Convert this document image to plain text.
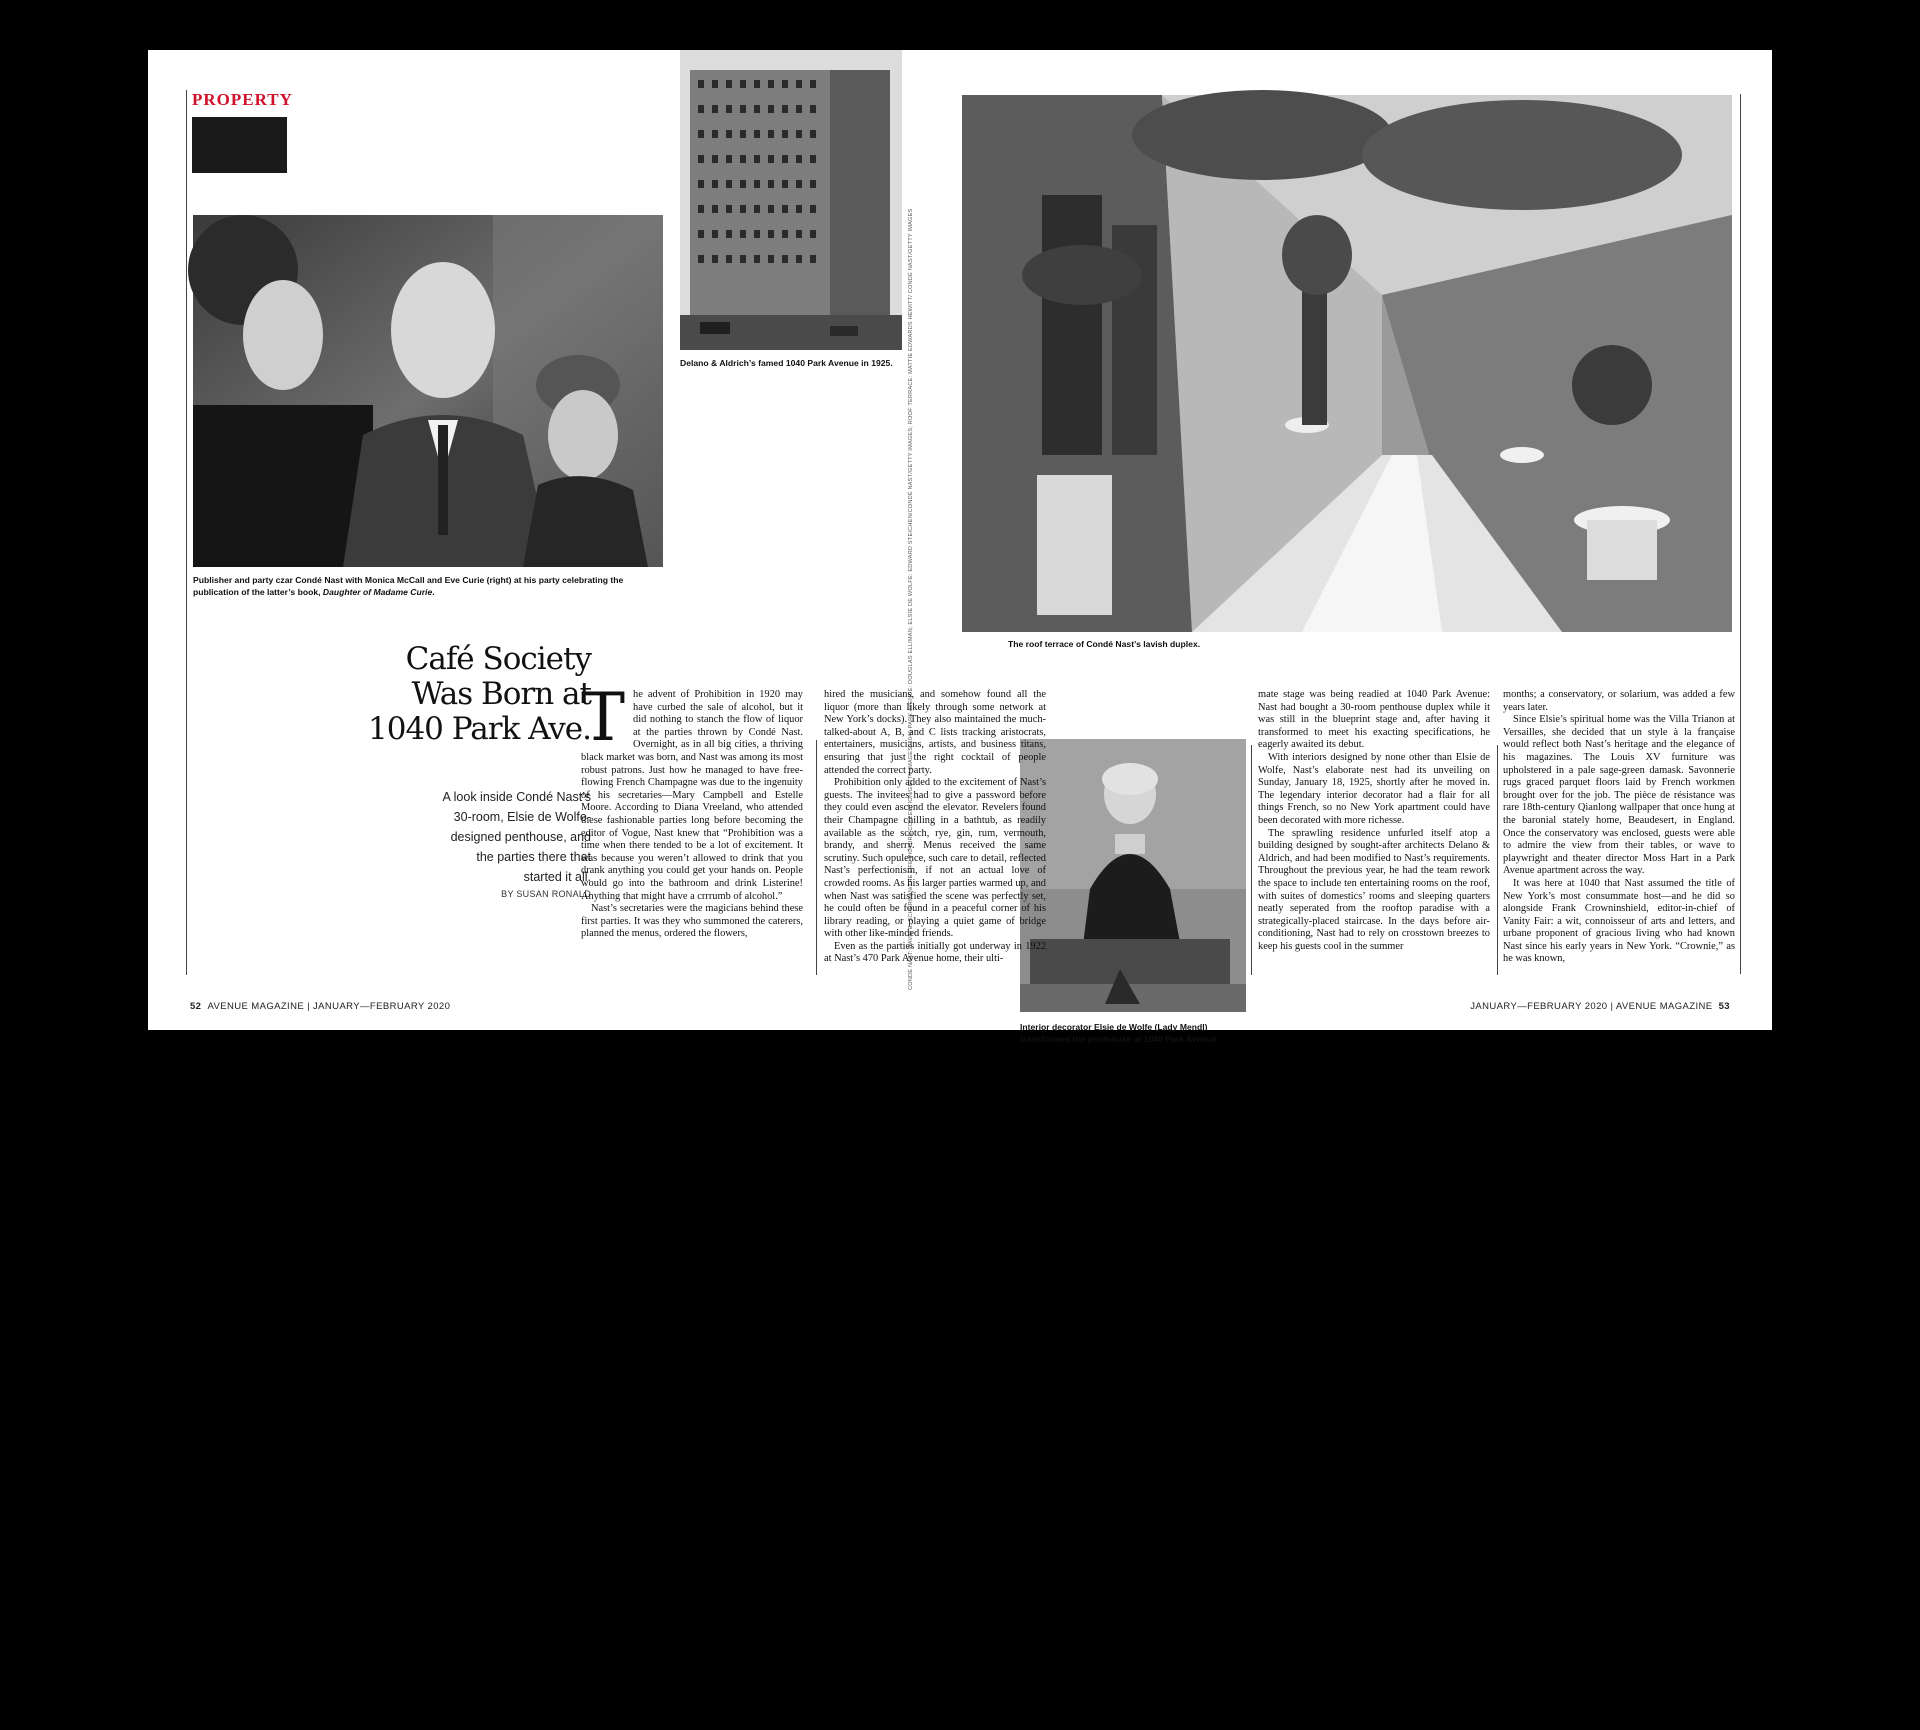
PROPERTY
Publisher and party czar Condé Nast with Monica McCall and Eve Curie (right) at his party celebrating the publication of the latter’s book, Daughter of Madame Curie.
Delano & Aldrich’s famed 1040 Park Avenue in 1925.	CONDÉ NAST: DAVID E. SCHERMAN/THE LIFE PICTURE COLLECTION/GETTY IMAGES; 1040 PARK AVENUE: DOUGLAS ELLIMAN; ELSIE DE WOLFE: EDWARD STEICHEN/CONDÉ NAST/GETTY IMAGES; ROOF TERRACE: MATTIE EDWARDS HEWITT/ CONDÉ NAST/GETTY IMAGES	The roof terrace of Condé Nast’s lavish duplex.
Interior decorator Elsie de Wolfe (Lady Mendl) transformed the penthouse at 1040 Park Avenue.
Café Society Was Born at 1040 Park Ave.
A look inside Condé Nast’s 30-room, Elsie de Wolfe-designed penthouse, and the parties there that started it all.
BY SUSAN RONALD

The advent of Prohibition in 1920 may have curbed the sale of alcohol, but it did nothing to stanch the flow of liquor at the parties thrown by Condé Nast. Overnight, as in all big cities, a thriving black market was born, and Nast was among its most robust patrons. Just how he managed to have free-flowing French Champagne was due to the ingenuity of his secretaries—Mary Campbell and Estelle Moore. According to Diana Vreeland, who attended these fashionable parties long before becoming the editor of Vogue, Nast knew that “Prohibition was a time when there tended to be a lot of excitement. It was because you weren’t allowed to drink that you drank anything you could get your hands on. People would go into the bathroom and drink Listerine! Anything that might have a crrrumb of alcohol.”

Nast’s secretaries were the magicians behind these first parties. It was they who summoned the caterers, planned the menus, ordered the flowers,

hired the musicians, and somehow found all the liquor (more than likely through some network at New York’s docks). They also maintained the much-talked-about A, B, and C lists tracking aristocrats, entertainers, musicians, artists, and business titans, ensuring that just the right cocktail of people attended the correct party.

Prohibition only added to the excitement of Nast’s guests. The invitees had to give a password before they could even ascend the elevator. Revelers found their Champagne chilling in a bathtub, as readily available as the scotch, rye, gin, rum, vermouth, brandy, and sherry. Menus received the same scrutiny. Such opulence, such care to detail, reflected Nast’s perfectionism, if not an actual love of crowded rooms. As his larger parties warmed up, and when Nast was satisfied the scene was perfectly set, he could often be found in a peaceful corner of his library reading, or playing a quiet game of bridge with other like-minded friends.

Even as the parties initially got underway in 1922 at Nast’s 470 Park Avenue home, their ulti-

mate stage was being readied at 1040 Park Avenue: Nast had bought a 30-room penthouse duplex while it was still in the blueprint stage and, after having it transformed to meet his exacting specifications, he eagerly awaited its debut.

With interiors designed by none other than Elsie de Wolfe, Nast’s elaborate nest had its unveiling on Sunday, January 18, 1925, shortly after he moved in. The legendary interior decorator had a flair for all things French, so no New York apartment could have been decorated with more richesse.

The sprawling residence unfurled itself atop a building designed by sought-after architects Delano & Aldrich, and had been modified to Nast’s requirements. Throughout the previous year, he had the team rework the space to include ten entertaining rooms on the roof, with suites of domestics’ rooms and sleeping quarters neatly seperated from the rooftop paradise with a strategically-placed staircase. In the days before air-conditioning, Nast had to rely on crosstown breezes to keep his guests cool in the summer

months; a conservatory, or solarium, was added a few years later.

Since Elsie’s spiritual home was the Villa Trianon at Versailles, she decided that un style à la française would reflect both Nast’s heritage and the elegance of his magazines. The Louis XV furniture was upholstered in a pale sage-green damask. Savonnerie rugs graced parquet floors laid by French workmen brought over for the job. The pièce de résistance was rare 18th-century Qianlong wallpaper that once hung at the baronial stately home, Beaudesert, in England. Once the conservatory was enclosed, guests were able to admire the view from their tables, or wave to playwright and theater director Moss Hart in a Park Avenue apartment across the way.

It was here at 1040 that Nast assumed the title of New York’s most consummate host—and he did so alongside Frank Crowninshield, editor-in-chief of Vanity Fair: a wit, connoisseur of arts and letters, and urbane proponent of gracious living who had known Nast since his early years in New York. “Crownie,” as he was known,

52 AVENUE MAGAZINE | JANUARY—FEBRUARY 2020	JANUARY—FEBRUARY 2020 | AVENUE MAGAZINE 53
